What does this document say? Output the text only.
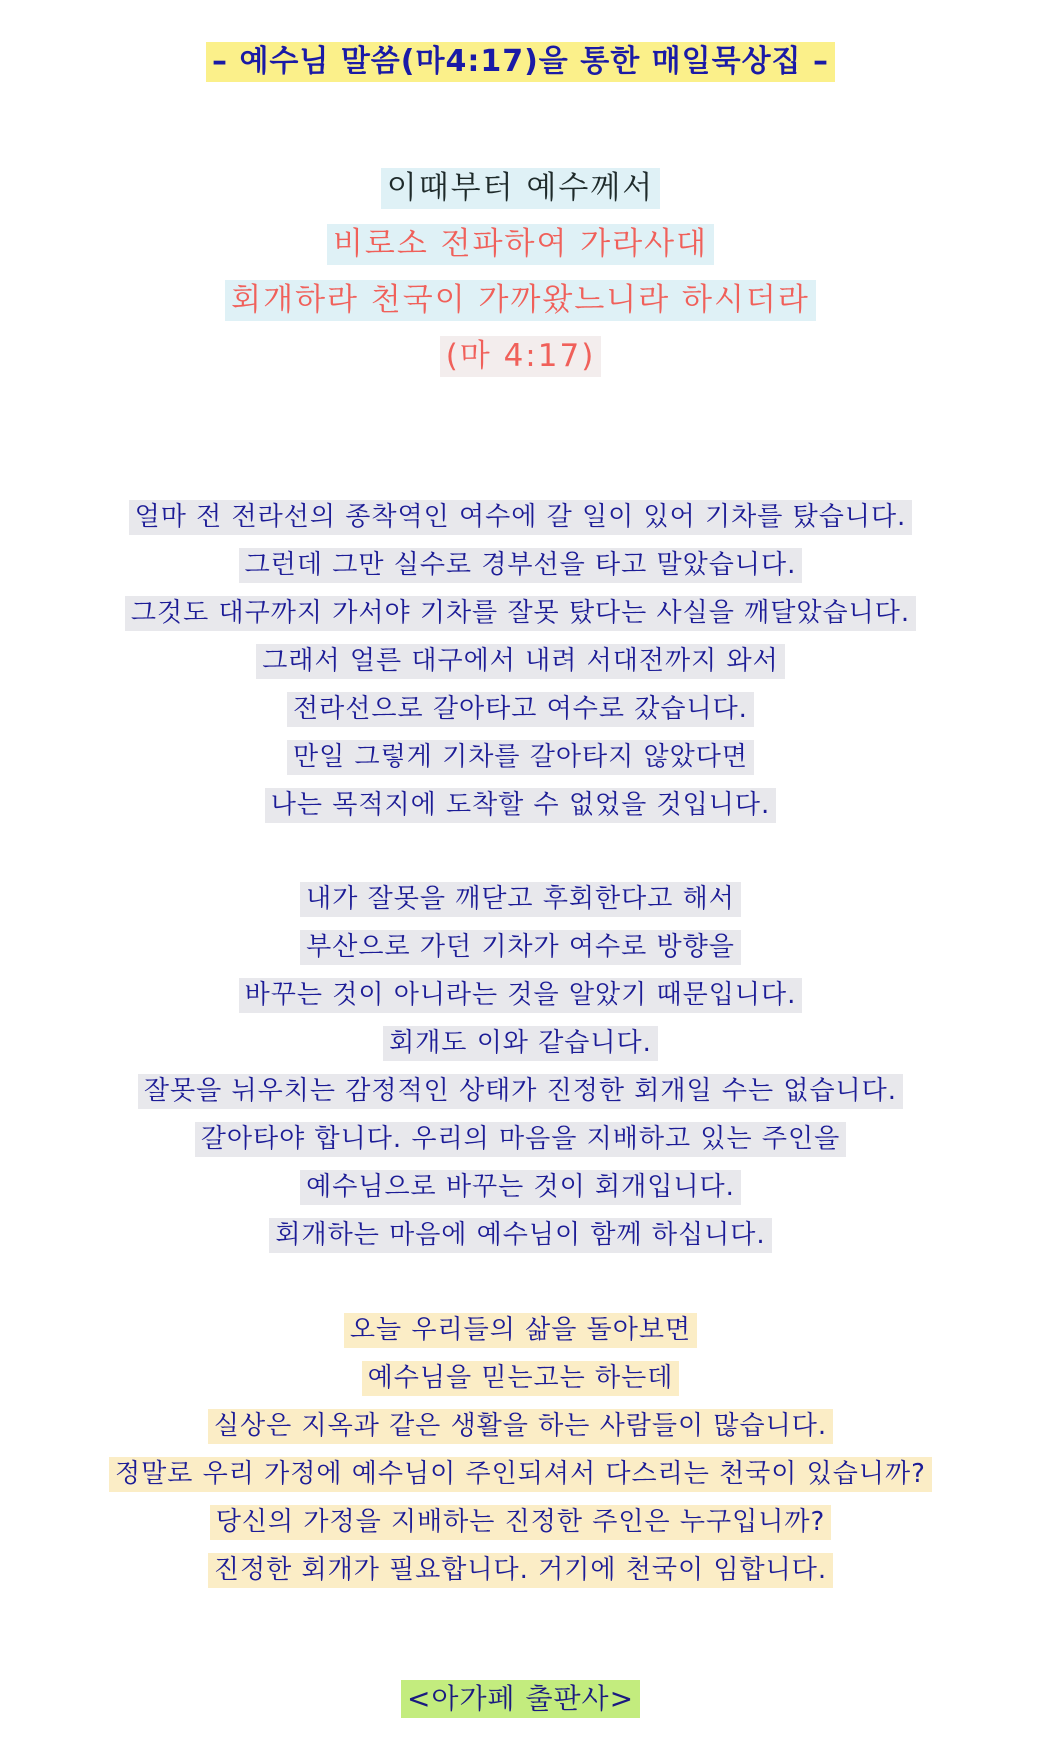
– 예수님 말씀(마4:17)을 통한 매일묵상집 –
이때부터 예수께서
비로소 전파하여 가라사대
회개하라 천국이 가까왔느니라 하시더라
(마 4:17)
얼마 전 전라선의 종착역인 여수에 갈 일이 있어 기차를 탔습니다.
그런데 그만 실수로 경부선을 타고 말았습니다.
그것도 대구까지 가서야 기차를 잘못 탔다는 사실을 깨달았습니다.
그래서 얼른 대구에서 내려 서대전까지 와서
전라선으로 갈아타고 여수로 갔습니다.
만일 그렇게 기차를 갈아타지 않았다면
나는 목적지에 도착할 수 없었을 것입니다.
내가 잘못을 깨닫고 후회한다고 해서
부산으로 가던 기차가 여수로 방향을
바꾸는 것이 아니라는 것을 알았기 때문입니다.
회개도 이와 같습니다.
잘못을 뉘우치는 감정적인 상태가 진정한 회개일 수는 없습니다.
갈아타야 합니다. 우리의 마음을 지배하고 있는 주인을
예수님으로 바꾸는 것이 회개입니다.
회개하는 마음에 예수님이 함께 하십니다.
오늘 우리들의 삶을 돌아보면
예수님을 믿는고는 하는데
실상은 지옥과 같은 생활을 하는 사람들이 많습니다.
정말로 우리 가정에 예수님이 주인되셔서 다스리는 천국이 있습니까?
당신의 가정을 지배하는 진정한 주인은 누구입니까?
진정한 회개가 필요합니다. 거기에 천국이 임합니다.
<아가페 출판사>
